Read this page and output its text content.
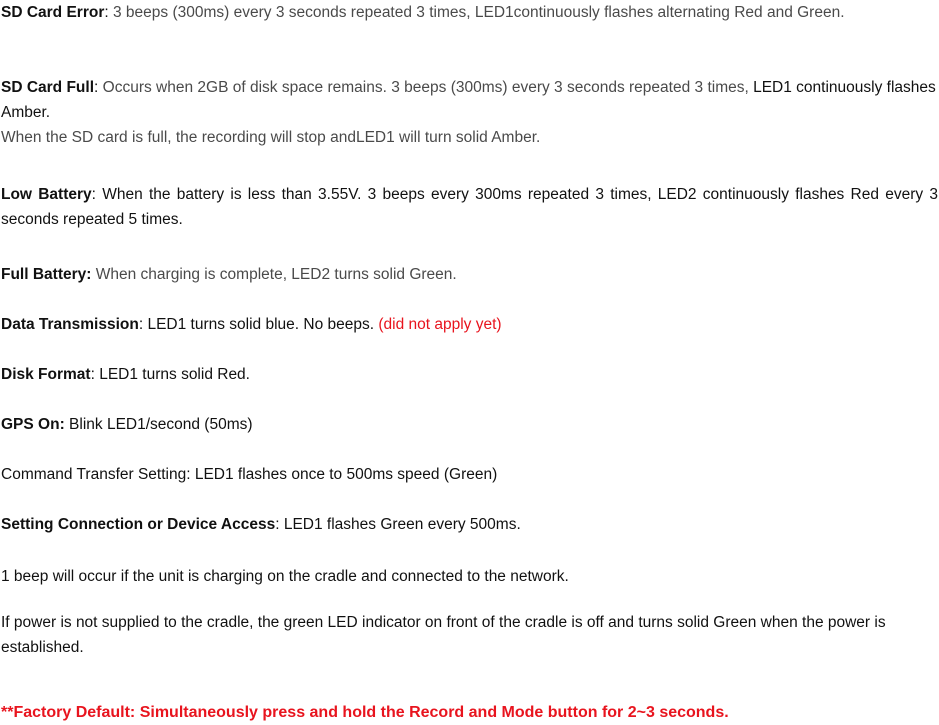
SD Card Error: 3 beeps (300ms) every 3 seconds repeated 3 times, LED1continuously flashes alternating Red and Green.

SD Card Full: Occurs when 2GB of disk space remains. 3 beeps (300ms) every 3 seconds repeated 3 times, LED1 continuously flashes Amber.
When the SD card is full, the recording will stop andLED1 will turn solid Amber.

Low Battery: When the battery is less than 3.55V. 3 beeps every 300ms repeated 3 times, LED2 continuously flashes Red every 3 seconds repeated 5 times.

Full Battery: When charging is complete, LED2 turns solid Green.

Data Transmission: LED1 turns solid blue. No beeps. (did not apply yet)

Disk Format: LED1 turns solid Red.

GPS On: Blink LED1/second (50ms)

Command Transfer Setting: LED1 flashes once to 500ms speed (Green)

Setting Connection or Device Access: LED1 flashes Green every 500ms.

1 beep will occur if the unit is charging on the cradle and connected to the network.

If power is not supplied to the cradle, the green LED indicator on front of the cradle is off and turns solid Green when the power is established.

**Factory Default: Simultaneously press and hold the Record and Mode button for 2~3 seconds.
